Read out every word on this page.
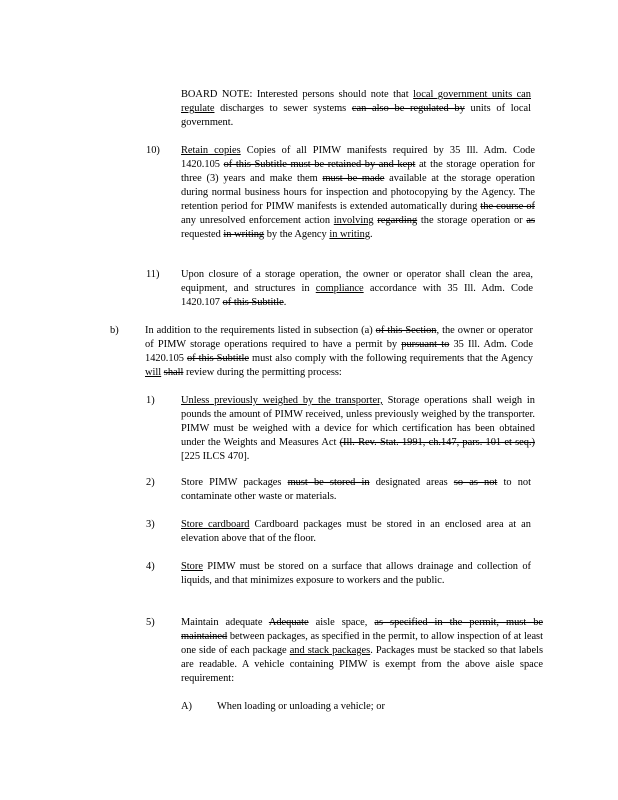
BOARD NOTE: Interested persons should note that local government units can regulate discharges to sewer systems can also be regulated by units of local government.
10) Retain copies Copies of all PIMW manifests required by 35 Ill. Adm. Code 1420.105 of this Subtitle must be retained by and kept at the storage operation for three (3) years and make them must be made available at the storage operation during normal business hours for inspection and photocopying by the Agency. The retention period for PIMW manifests is extended automatically during the course of any unresolved enforcement action involving regarding the storage operation or as requested in writing by the Agency in writing.
11) Upon closure of a storage operation, the owner or operator shall clean the area, equipment, and structures in compliance accordance with 35 Ill. Adm. Code 1420.107 of this Subtitle.
b)	In addition to the requirements listed in subsection (a) of this Section, the owner or operator of PIMW storage operations required to have a permit by pursuant to 35 Ill. Adm. Code 1420.105 of this Subtitle must also comply with the following requirements that the Agency will shall review during the permitting process:
1)	Unless previously weighed by the transporter, Storage operations shall weigh in pounds the amount of PIMW received, unless previously weighed by the transporter. PIMW must be weighed with a device for which certification has been obtained under the Weights and Measures Act (Ill. Rev. Stat. 1991, ch.147, pars. 101 et seq.) [225 ILCS 470].
2)	Store PIMW packages must be stored in designated areas so as not to not contaminate other waste or materials.
3)	Store cardboard Cardboard packages must be stored in an enclosed area at an elevation above that of the floor.
4)	Store PIMW must be stored on a surface that allows drainage and collection of liquids, and that minimizes exposure to workers and the public.
5)	Maintain adequate Adequate aisle space, as specified in the permit, must be maintained between packages, as specified in the permit, to allow inspection of at least one side of each package and stack packages. Packages must be stacked so that labels are readable. A vehicle containing PIMW is exempt from the above aisle space requirement:
A) When loading or unloading a vehicle; or
